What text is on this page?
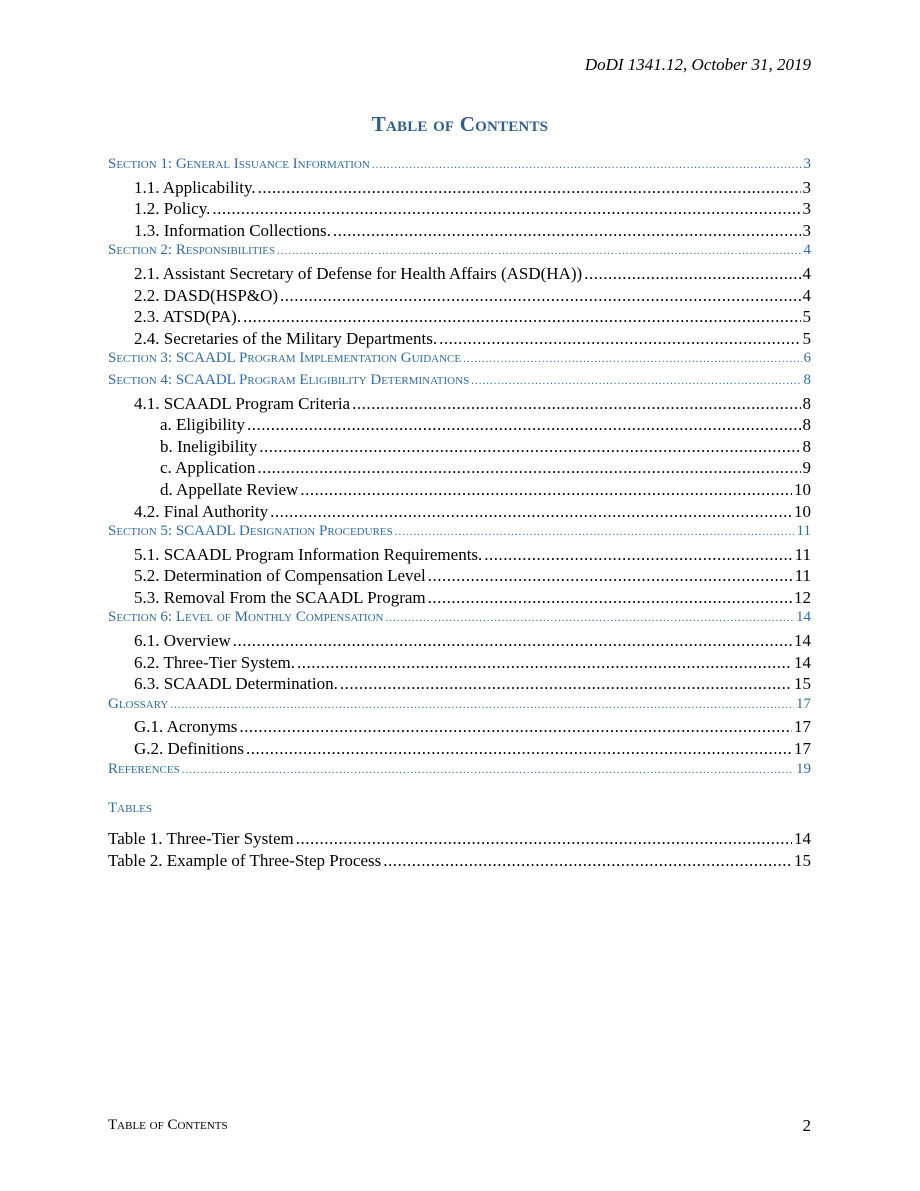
DoDI 1341.12, October 31, 2019
Table of Contents
Section 1: General Issuance Information .....	3
1.1. Applicability. .....	3
1.2. Policy. .....	3
1.3. Information Collections. .....	3
Section 2: Responsibilities .....	4
2.1. Assistant Secretary of Defense for Health Affairs (ASD(HA)) .....	4
2.2. DASD(HSP&O) .....	4
2.3. ATSD(PA). .....	5
2.4. Secretaries of the Military Departments. .....	5
Section 3: SCAADL Program Implementation Guidance .....	6
Section 4: SCAADL Program Eligibility Determinations .....	8
4.1. SCAADL Program Criteria .....	8
a. Eligibility .....	8
b. Ineligibility .....	8
c. Application .....	9
d. Appellate Review .....	10
4.2. Final Authority .....	10
Section 5: SCAADL Designation Procedures .....	11
5.1. SCAADL Program Information Requirements. .....	11
5.2. Determination of Compensation Level .....	11
5.3. Removal From the SCAADL Program .....	12
Section 6: Level of Monthly Compensation .....	14
6.1. Overview .....	14
6.2. Three-Tier System. .....	14
6.3. SCAADL Determination. .....	15
Glossary .....	17
G.1. Acronyms .....	17
G.2. Definitions .....	17
References .....	19
Tables
Table 1. Three-Tier System .....	14
Table 2. Example of Three-Step Process .....	15
Table of Contents	2
